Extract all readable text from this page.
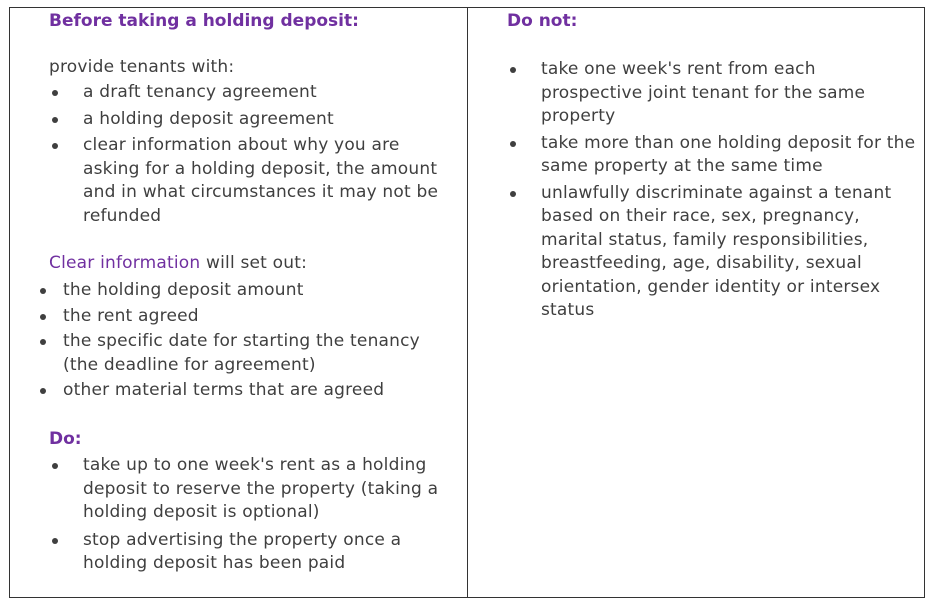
Before taking a holding deposit:

provide tenants with:

a draft tenancy agreement
a holding deposit agreement
clear information about why you are asking for a holding deposit, the amount and in what circumstances it may not be refunded

Clear information will set out:

the holding deposit amount
the rent agreed
the specific date for starting the tenancy (the deadline for agreement)
other material terms that are agreed

Do:

take up to one week's rent as a holding deposit to reserve the property (taking a holding deposit is optional)
stop advertising the property once a holding deposit has been paid

Do not:

take one week's rent from each prospective joint tenant for the same property
take more than one holding deposit for the same property at the same time
unlawfully discriminate against a tenant based on their race, sex, pregnancy, marital status, family responsibilities, breastfeeding, age, disability, sexual orientation, gender identity or intersex status
